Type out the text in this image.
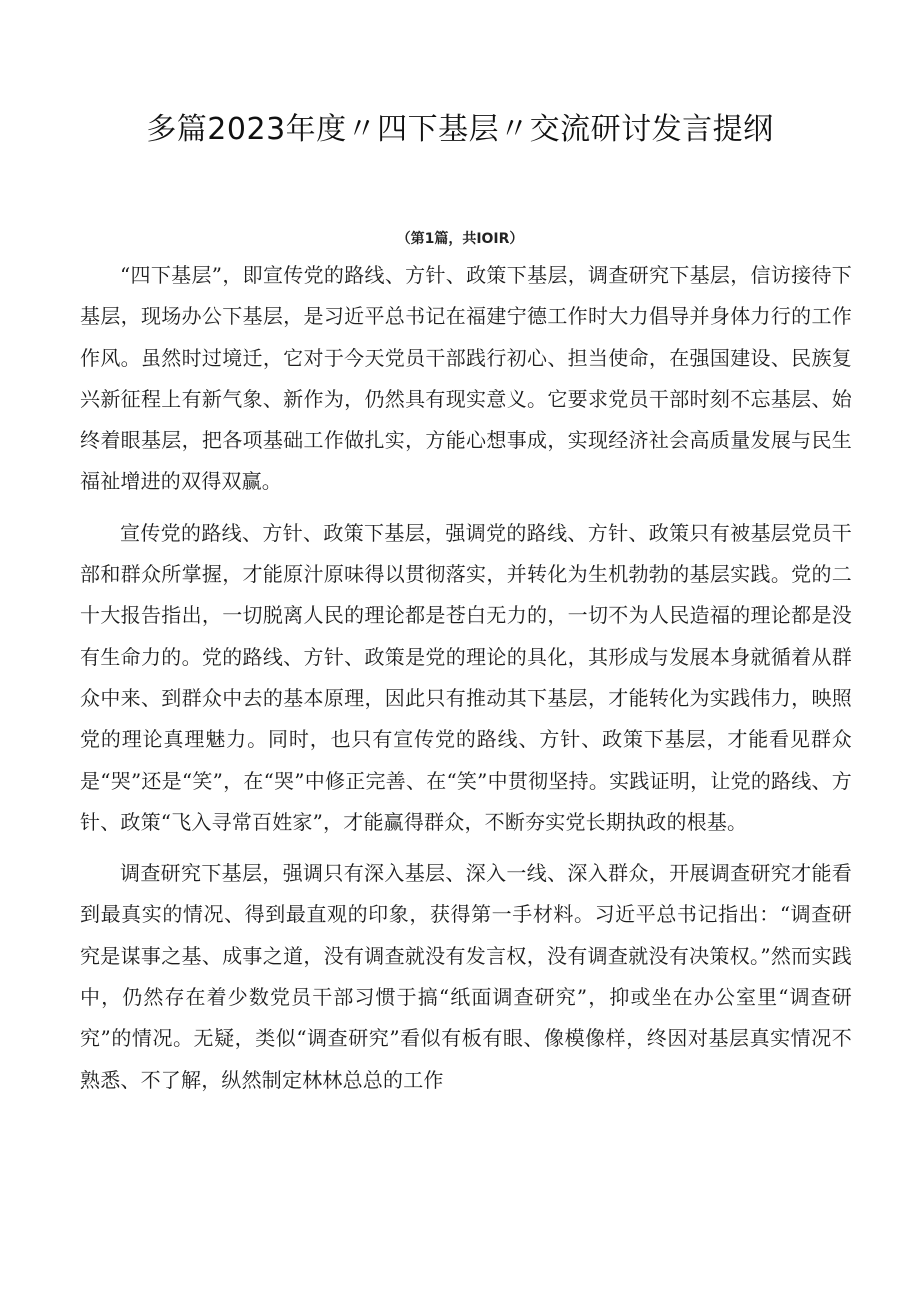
多篇2023年度〃四下基层〃交流研讨发言提纲
（第1篇，共IOIR）

“四下基层”，即宣传党的路线、方针、政策下基层，调查研究下基层，信访接待下基层，现场办公下基层，是习近平总书记在福建宁德工作时大力倡导并身体力行的工作作风。虽然时过境迁，它对于今天党员干部践行初心、担当使命，在强国建设、民族复兴新征程上有新气象、新作为，仍然具有现实意义。它要求党员干部时刻不忘基层、始终着眼基层，把各项基础工作做扎实，方能心想事成，实现经济社会高质量发展与民生福祉增进的双得双赢。

宣传党的路线、方针、政策下基层，强调党的路线、方针、政策只有被基层党员干部和群众所掌握，才能原汁原味得以贯彻落实，并转化为生机勃勃的基层实践。党的二十大报告指出，一切脱离人民的理论都是苍白无力的，一切不为人民造福的理论都是没有生命力的。党的路线、方针、政策是党的理论的具化，其形成与发展本身就循着从群众中来、到群众中去的基本原理，因此只有推动其下基层，才能转化为实践伟力，映照党的理论真理魅力。同时，也只有宣传党的路线、方针、政策下基层，才能看见群众是“哭”还是“笑”，在“哭”中修正完善、在“笑”中贯彻坚持。实践证明，让党的路线、方针、政策“飞入寻常百姓家”，才能赢得群众，不断夯实党长期执政的根基。

调查研究下基层，强调只有深入基层、深入一线、深入群众，开展调查研究才能看到最真实的情况、得到最直观的印象，获得第一手材料。习近平总书记指出：“调查研究是谋事之基、成事之道，没有调查就没有发言权，没有调查就没有决策权。”然而实践中，仍然存在着少数党员干部习惯于搞“纸面调查研究”，抑或坐在办公室里“调查研究”的情况。无疑，类似“调查研究”看似有板有眼、像模像样，终因对基层真实情况不熟悉、不了解，纵然制定林林总总的工作
